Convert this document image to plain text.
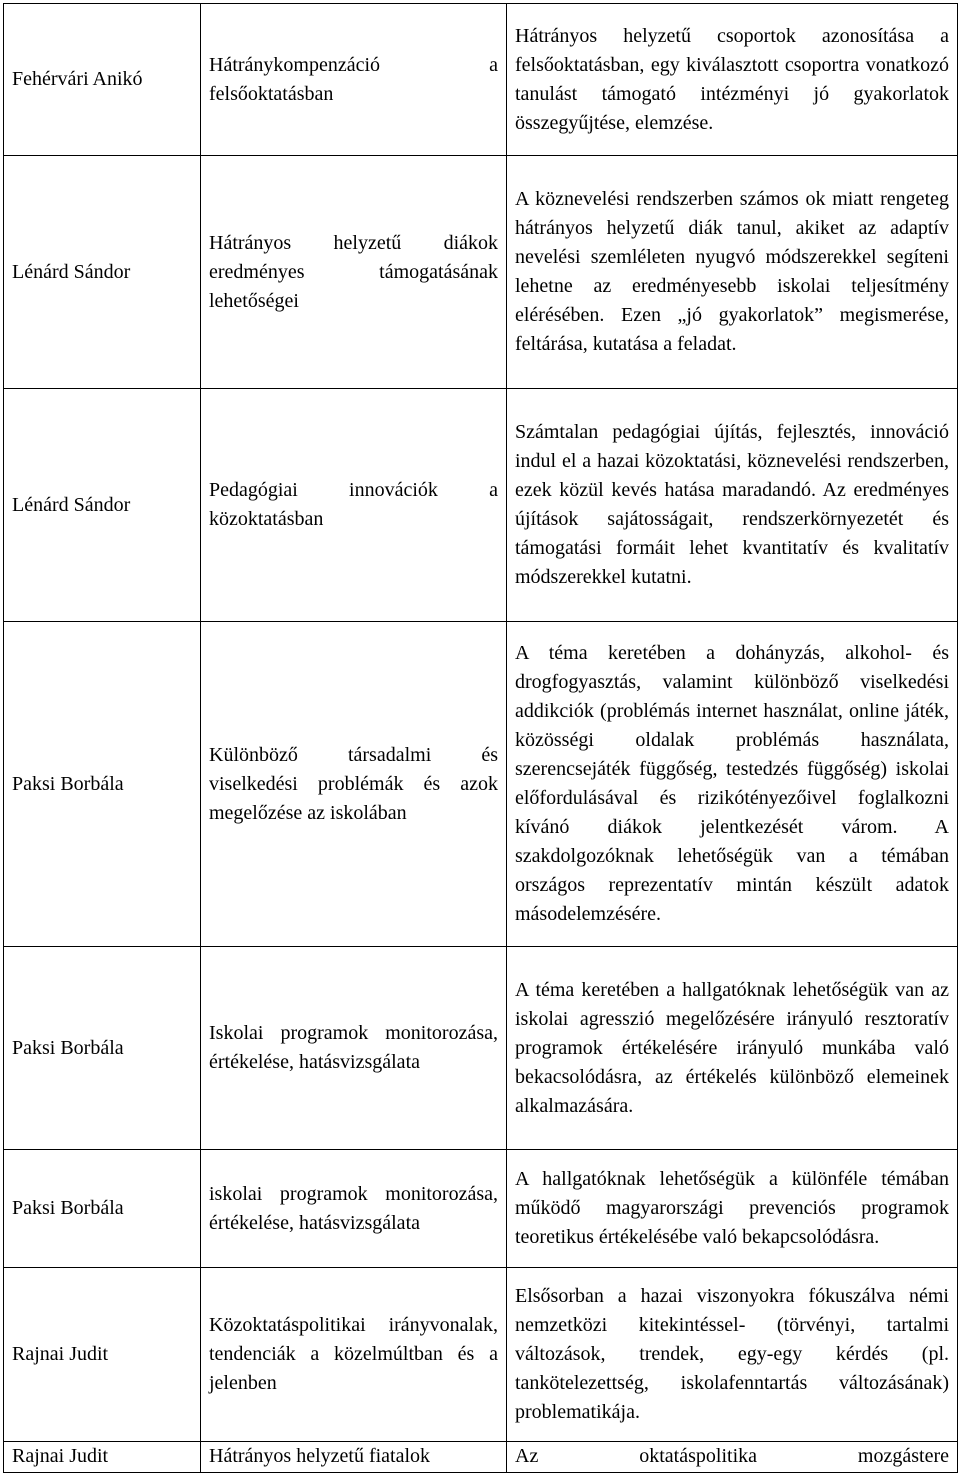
Fehérvári Anikó	Hátránykompenzáció a felsőoktatásban	Hátrányos helyzetű csoportok azonosítása a felsőoktatásban, egy kiválasztott csoportra vonatkozó tanulást támogató intézményi jó gyakorlatok összegyűjtése, elemzése.
Lénárd Sándor	Hátrányos helyzetű diákok eredményes támogatásának lehetőségei	A köznevelési rendszerben számos ok miatt rengeteg hátrányos helyzetű diák tanul, akiket az adaptív nevelési szemléleten nyugvó módszerekkel segíteni lehetne az eredményesebb iskolai teljesítmény elérésében. Ezen „jó gyakorlatok” megismerése, feltárása, kutatása a feladat.
Lénárd Sándor	Pedagógiai innovációk a közoktatásban	Számtalan pedagógiai újítás, fejlesztés, innováció indul el a hazai közoktatási, köznevelési rendszerben, ezek közül kevés hatása maradandó. Az eredményes újítások sajátosságait, rendszerkörnyezetét és támogatási formáit lehet kvantitatív és kvalitatív módszerekkel kutatni.
Paksi Borbála	Különböző társadalmi és viselkedési problémák és azok megelőzése az iskolában	A téma keretében a dohányzás, alkohol- és drogfogyasztás, valamint különböző viselkedési addikciók (problémás internet használat, online játék, közösségi oldalak problémás használata, szerencsejáték függőség, testedzés függőség) iskolai előfordulásával és rizikótényezőivel foglalkozni kívánó diákok jelentkezését várom. A szakdolgozóknak lehetőségük van a témában országos reprezentatív mintán készült adatok másodelemzésére.
Paksi Borbála	Iskolai programok monitorozása, értékelése, hatásvizsgálata	A téma keretében a hallgatóknak lehetőségük van az iskolai agresszió megelőzésére irányuló resztoratív programok értékelésére irányuló munkába való bekacsolódásra, az értékelés különböző elemeinek alkalmazására.
Paksi Borbála	iskolai programok monitorozása, értékelése, hatásvizsgálata	A hallgatóknak lehetőségük a különféle témában működő magyarországi prevenciós programok teoretikus értékelésébe való bekapcsolódásra.
Rajnai Judit	Közoktatáspolitikai irányvonalak, tendenciák a közelmúltban és a jelenben	Elsősorban a hazai viszonyokra fókuszálva némi nemzetközi kitekintéssel- (törvényi, tartalmi változások, trendek, egy-egy kérdés (pl. tankötelezettség, iskolafenntartás változásának) problematikája.
Rajnai Judit	Hátrányos helyzetű fiatalok	Az oktatáspolitika mozgástere
